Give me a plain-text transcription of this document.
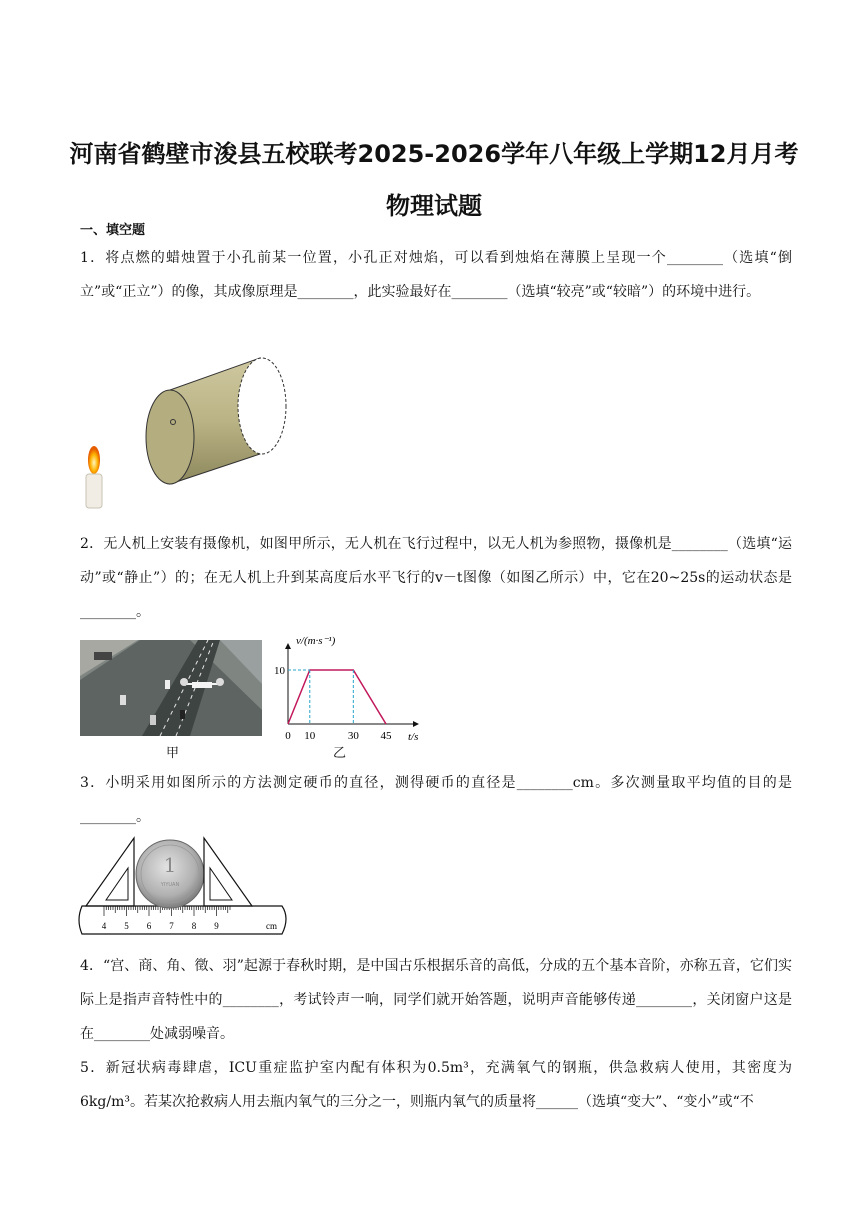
河南省鹤壁市浚县五校联考2025-2026学年八年级上学期12月月考物理试题
一、填空题
1．将点燃的蜡烛置于小孔前某一位置，小孔正对烛焰，可以看到烛焰在薄膜上呈现一个________（选填“倒立”或“正立”）的像，其成像原理是________，此实验最好在________（选填“较亮”或“较暗”）的环境中进行。
2．无人机上安装有摄像机，如图甲所示，无人机在飞行过程中，以无人机为参照物，摄像机是________（选填“运动”或“静止”）的；在无人机上升到某高度后水平飞行的v－t图像（如图乙所示）中，它在20~25s的运动状态是________。
甲
v/(m·s⁻¹)
t/s
0 10	30 45
10
乙
3．小明采用如图所示的方法测定硬币的直径，测得硬币的直径是________cm。多次测量取平均值的目的是________。
4 5 6 7 8 9	cm
1
YIYUAN
4．“宫、商、角、徵、羽”起源于春秋时期，是中国古乐根据乐音的高低，分成的五个基本音阶，亦称五音，它们实际上是指声音特性中的________，考试铃声一响，同学们就开始答题，说明声音能够传递________，关闭窗户这是在________处减弱噪音。
5．新冠状病毒肆虐，ICU重症监护室内配有体积为0.5m³，充满氧气的钢瓶，供急救病人使用，其密度为6kg/m³。若某次抢救病人用去瓶内氧气的三分之一，则瓶内氧气的质量将______（选填“变大”、“变小”或“不
